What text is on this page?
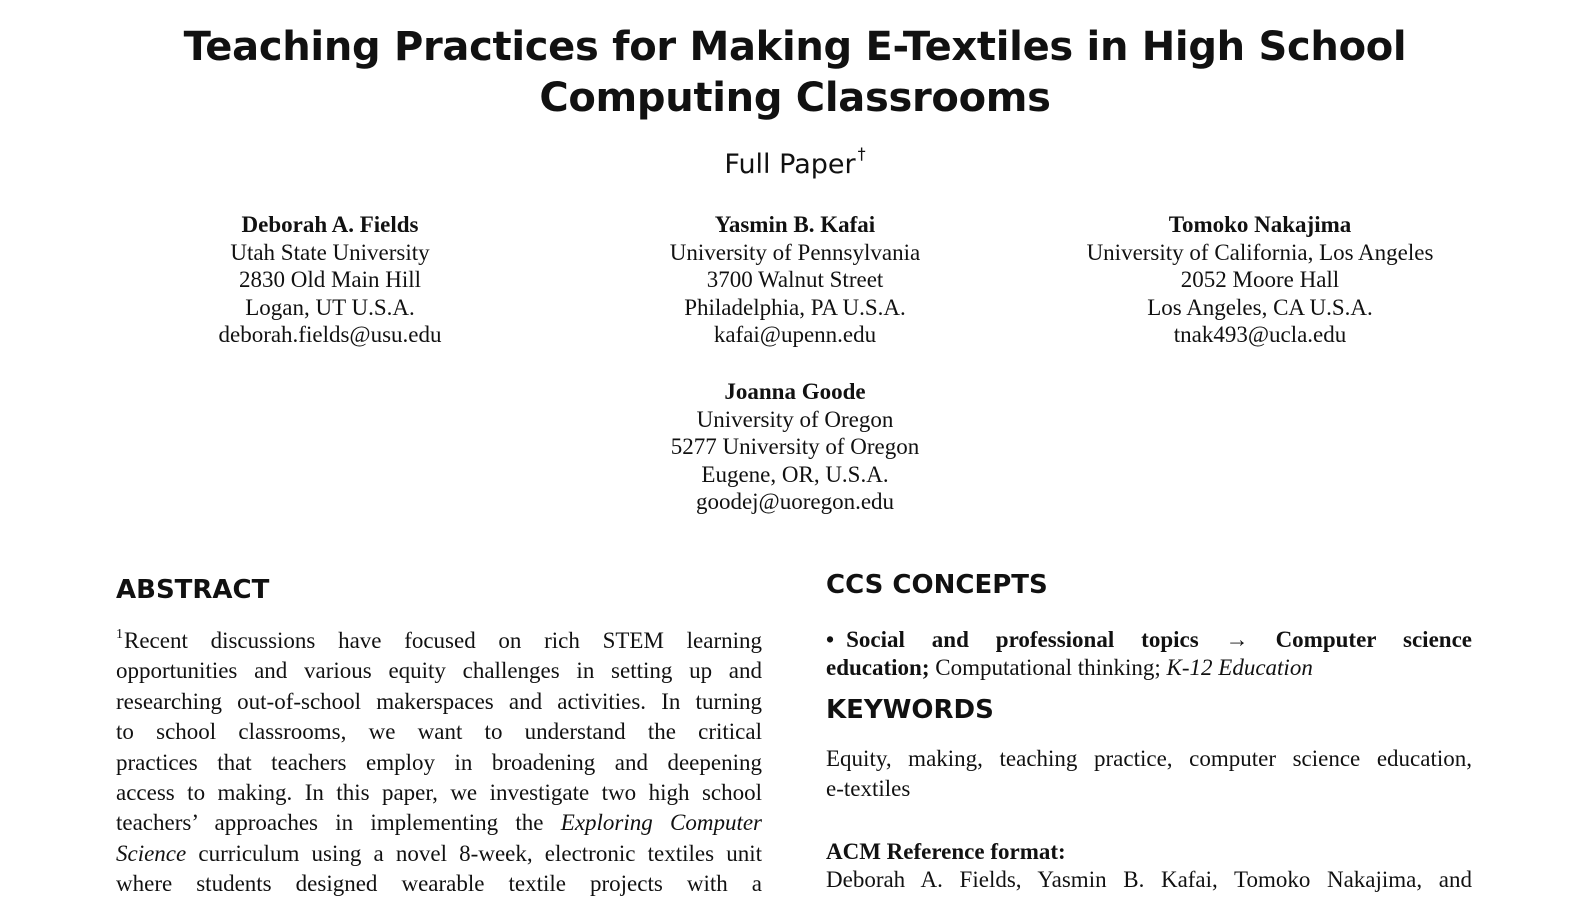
Teaching Practices for Making E-Textiles in High School
Computing Classrooms
Full Paper †
Deborah A. Fields
Utah State University
2830 Old Main Hill
Logan, UT U.S.A.
deborah.fields@usu.edu
Yasmin B. Kafai
University of Pennsylvania
3700 Walnut Street
Philadelphia, PA U.S.A.
kafai@upenn.edu
Tomoko Nakajima
University of California, Los Angeles
2052 Moore Hall
Los Angeles, CA U.S.A.
tnak493@ucla.edu
Joanna Goode
University of Oregon
5277 University of Oregon
Eugene, OR, U.S.A.
goodej@uoregon.edu
ABSTRACT
$^1$Recent discussions have focused on rich STEM learning
opportunities and various equity challenges in setting up and
researching out-of-school makerspaces and activities. In turning
to school classrooms, we want to understand the critical
practices that teachers employ in broadening and deepening
access to making. In this paper, we investigate two high school
teachers’ approaches in implementing the Exploring Computer
Science curriculum using a novel 8-week, electronic textiles unit
where students designed wearable textile projects with a
CCS CONCEPTS
• Social and professional topics → Computer science
education; Computational thinking; K-12 Education
KEYWORDS
Equity, making, teaching practice, computer science education,
e-textiles
ACM Reference format:
Deborah A. Fields, Yasmin B. Kafai, Tomoko Nakajima, and
